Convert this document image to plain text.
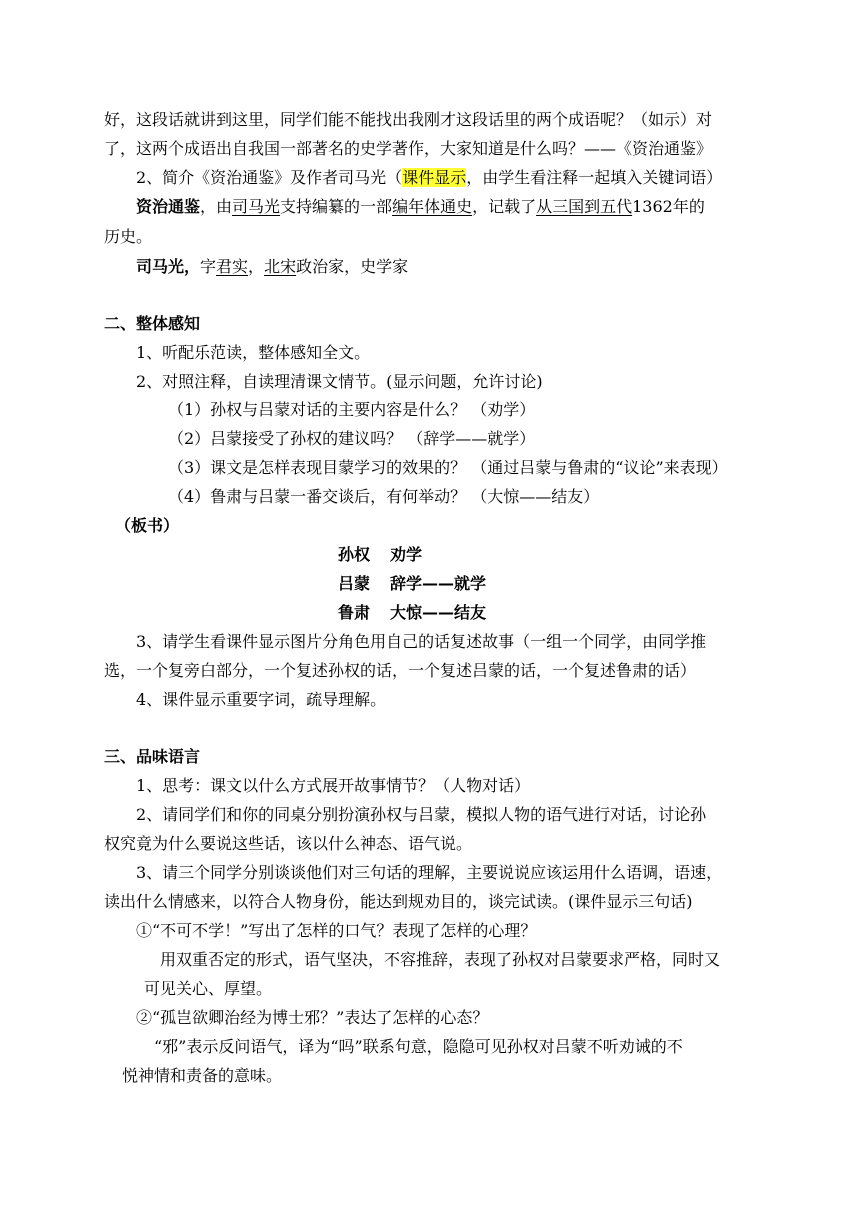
好，这段话就讲到这里，同学们能不能找出我刚才这段话里的两个成语呢？（如示）对
了，这两个成语出自我国一部著名的史学著作，大家知道是什么吗？——《资治通鉴》
2、简介《资治通鉴》及作者司马光（课件显示，由学生看注释一起填入关键词语）
资治通鉴，由司马光支持编纂的一部编年体通史，记载了从三国到五代1362年的
历史。
司马光，字君实，北宋政治家，史学家
二、整体感知
1、听配乐范读，整体感知全文。
2、对照注释，自读理清课文情节。(显示问题，允许讨论)
（1）孙权与吕蒙对话的主要内容是什么？ （劝学）
（2）吕蒙接受了孙权的建议吗？ （辞学——就学）
（3）课文是怎样表现目蒙学习的效果的？ （通过吕蒙与鲁肃的“议论”来表现）
（4）鲁肃与吕蒙一番交谈后，有何举动？ （大惊——结友）
（板书）
孙权 劝学
吕蒙 辞学——就学
鲁肃 大惊——结友
3、请学生看课件显示图片分角色用自己的话复述故事（一组一个同学，由同学推
选，一个复旁白部分，一个复述孙权的话，一个复述吕蒙的话，一个复述鲁肃的话）
4、课件显示重要字词，疏导理解。
三、品味语言
1、思考：课文以什么方式展开故事情节？（人物对话）
2、请同学们和你的同桌分别扮演孙权与吕蒙，模拟人物的语气进行对话，讨论孙
权究竟为什么要说这些话，该以什么神态、语气说。
3、请三个同学分别谈谈他们对三句话的理解，主要说说应该运用什么语调，语速，
读出什么情感来，以符合人物身份，能达到规劝目的，谈完试读。(课件显示三句话)
①“不可不学！”写出了怎样的口气？表现了怎样的心理？
用双重否定的形式，语气坚决，不容推辞，表现了孙权对吕蒙要求严格，同时又
可见关心、厚望。
②“孤岂欲卿治经为博士邪？”表达了怎样的心态？
“邪”表示反问语气，译为“吗”联系句意，隐隐可见孙权对吕蒙不听劝诫的不
悦神情和责备的意味。
